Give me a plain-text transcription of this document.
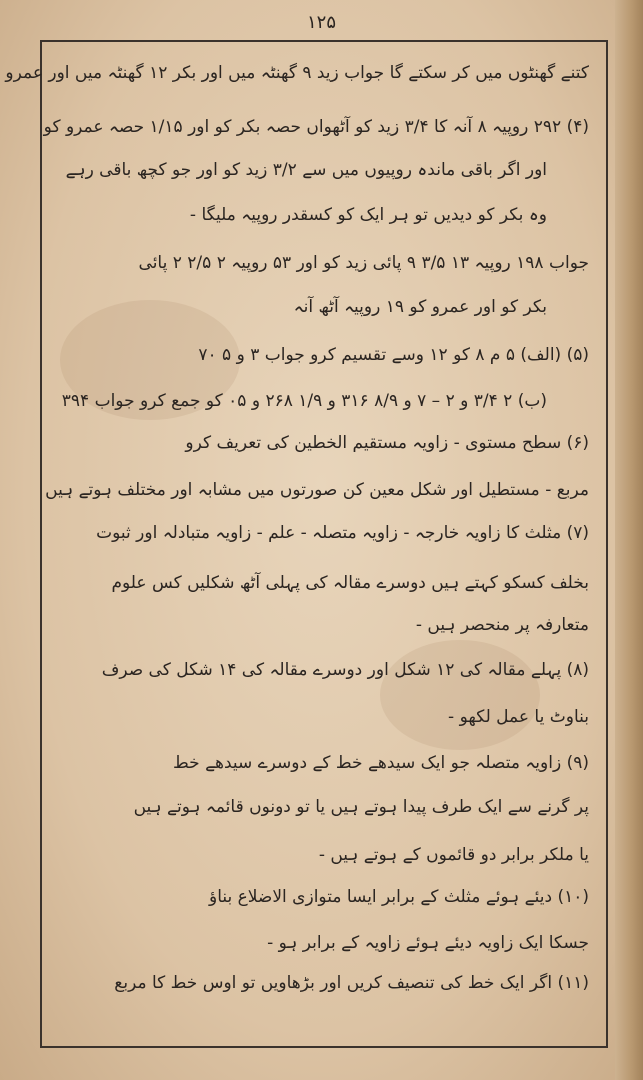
۱۲۵
کتنے گھنٹوں میں کر سکتے گا جواب زید ۹ گھنٹہ میں اور بکر ۱۲ گھنٹہ میں اور عمرو
(۴) ۲۹۲ روپیہ ۸ آنہ کا ۳/۴ زید کو آٹھواں حصہ بکر کو اور ۱/۱۵ حصہ عمرو کو
اور اگر باقی ماندہ روپیوں میں سے ۳/۲ زید کو اور جو کچھ باقی رہے
وہ بکر کو دیدیں تو ہر ایک کو کسقدر روپیہ ملیگا -
جواب ۱۹۸ روپیہ ۱۳ ۳/۵ ۹ پائی زید کو اور ۵۳ روپیہ ۲ ۲/۵ ۲ پائی
بکر کو اور عمرو کو ۱۹ روپیہ آٹھ آنہ
(۵) (الف) ۵ م ۸ کو ۱۲ وسے تقسیم کرو جواب ۳ و ۵ ۷۰
(ب) ۲ ۳/۴ و ۲ – ۷ و ۸/۹ ۳۱۶ و ۱/۹ ۲۶۸ و ۰۵ کو جمع کرو جواب ۳۹۴
(۶) سطح مستوی - زاویہ مستقیم الخطین کی تعریف کرو
مربع - مستطیل اور شکل معین کن صورتوں میں مشابہ اور مختلف ہوتے ہیں
(۷) مثلث کا زاویہ خارجہ - زاویہ متصلہ - علم - زاویہ متبادلہ اور ثبوت
بخلف کسکو کہتے ہیں دوسرے مقالہ کی پہلی آٹھ شکلیں کس علوم
متعارفہ پر منحصر ہیں -
(۸) پہلے مقالہ کی ۱۲ شکل اور دوسرے مقالہ کی ۱۴ شکل کی صرف
بناوٹ یا عمل لکھو -
(۹) زاویہ متصلہ جو ایک سیدھے خط کے دوسرے سیدھے خط
پر گرنے سے ایک طرف پیدا ہوتے ہیں یا تو دونوں قائمہ ہوتے ہیں
یا ملکر برابر دو قائموں کے ہوتے ہیں -
(۱۰) دیئے ہوئے مثلث کے برابر ایسا متوازی الاضلاع بناؤ
جسکا ایک زاویہ دیئے ہوئے زاویہ کے برابر ہو -
(۱۱) اگر ایک خط کی تنصیف کریں اور بڑھاویں تو اوس خط کا مربع
